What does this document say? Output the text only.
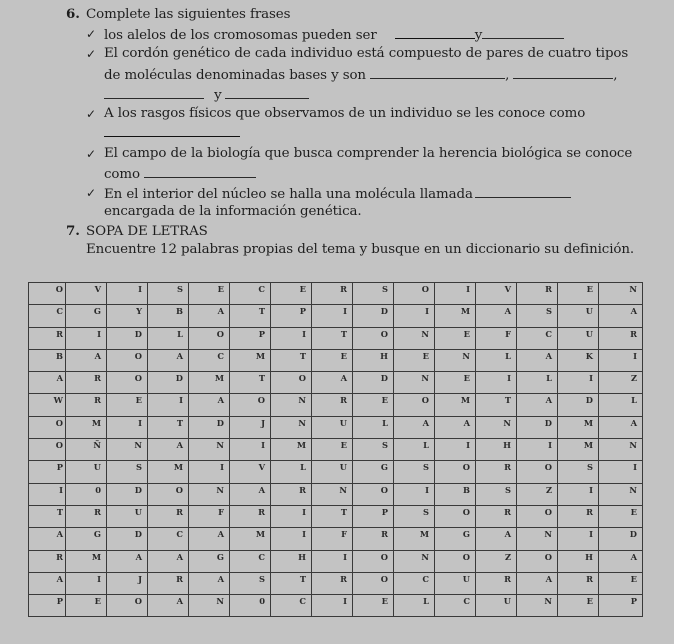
6. Complete las siguientes frases
✓ los alelos de los cromosomas pueden ser	y
✓ El cordón genético de cada individuo está compuesto de pares de cuatro tipos
de moléculas denominadas bases y son	,	,
y
✓ A los rasgos físicos que observamos de un individuo se les conoce como
✓ El campo de la biología que busca comprender la herencia biológica se conoce
como
✓ En el interior del núcleo se halla una molécula llamada
encargada de la información genética.
7. SOPA DE LETRAS
Encuentre 12 palabras propias del tema y busque en un diccionario su definición.
O	V	I	S	E	C	E	R	S	O	I	V	R	E	N
C	G	Y	B	A	T	P	I	D	I	M	A	S	U	A
R	I	D	L	O	P	I	T	O	N	E	F	C	U	R
B	A	O	A	C	M	T	E	H	E	N	L	A	K	I
A	R	O	D	M	T	O	A	D	N	E	I	L	I	Z
W	R	E	I	A	O	N	R	E	O	M	T	A	D	L
O	M	I	T	D	J	N	U	L	A	A	N	D	M	A
O	Ñ	N	A	N	I	M	E	S	L	I	H	I	M	N
P	U	S	M	I	V	L	U	G	S	O	R	O	S	I
I	0	D	O	N	A	R	N	O	I	B	S	Z	I	N
T	R	U	R	F	R	I	T	P	S	O	R	O	R	E
A	G	D	C	A	M	I	F	R	M	G	A	N	I	D
R	M	A	A	G	C	H	I	O	N	O	Z	O	H	A
A	I	J	R	A	S	T	R	O	C	U	R	A	R	E
P	E	O	A	N	0	C	I	E	L	C	U	N	E	P
